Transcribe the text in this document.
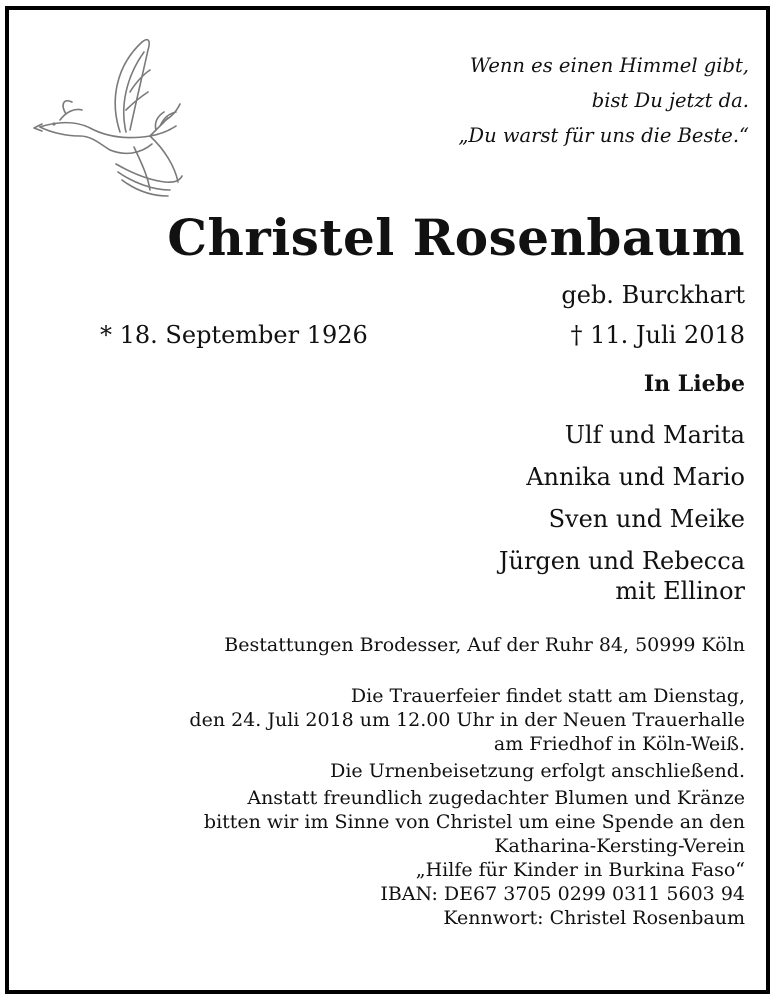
Wenn es einen Himmel gibt,
bist Du jetzt da.
„Du warst für uns die Beste.“
Christel Rosenbaum
geb. Burckhart
* 18. September 1926	† 11. Juli 2018
In Liebe
Ulf und Marita
Annika und Mario
Sven und Meike
Jürgen und Rebecca
mit Ellinor
Bestattungen Brodesser, Auf der Ruhr 84, 50999 Köln
Die Trauerfeier findet statt am Dienstag,
den 24. Juli 2018 um 12.00 Uhr in der Neuen Trauerhalle
am Friedhof in Köln-Weiß.
Die Urnenbeisetzung erfolgt anschließend.
Anstatt freundlich zugedachter Blumen und Kränze
bitten wir im Sinne von Christel um eine Spende an den
Katharina-Kersting-Verein
„Hilfe für Kinder in Burkina Faso“
IBAN: DE67 3705 0299 0311 5603 94
Kennwort: Christel Rosenbaum
